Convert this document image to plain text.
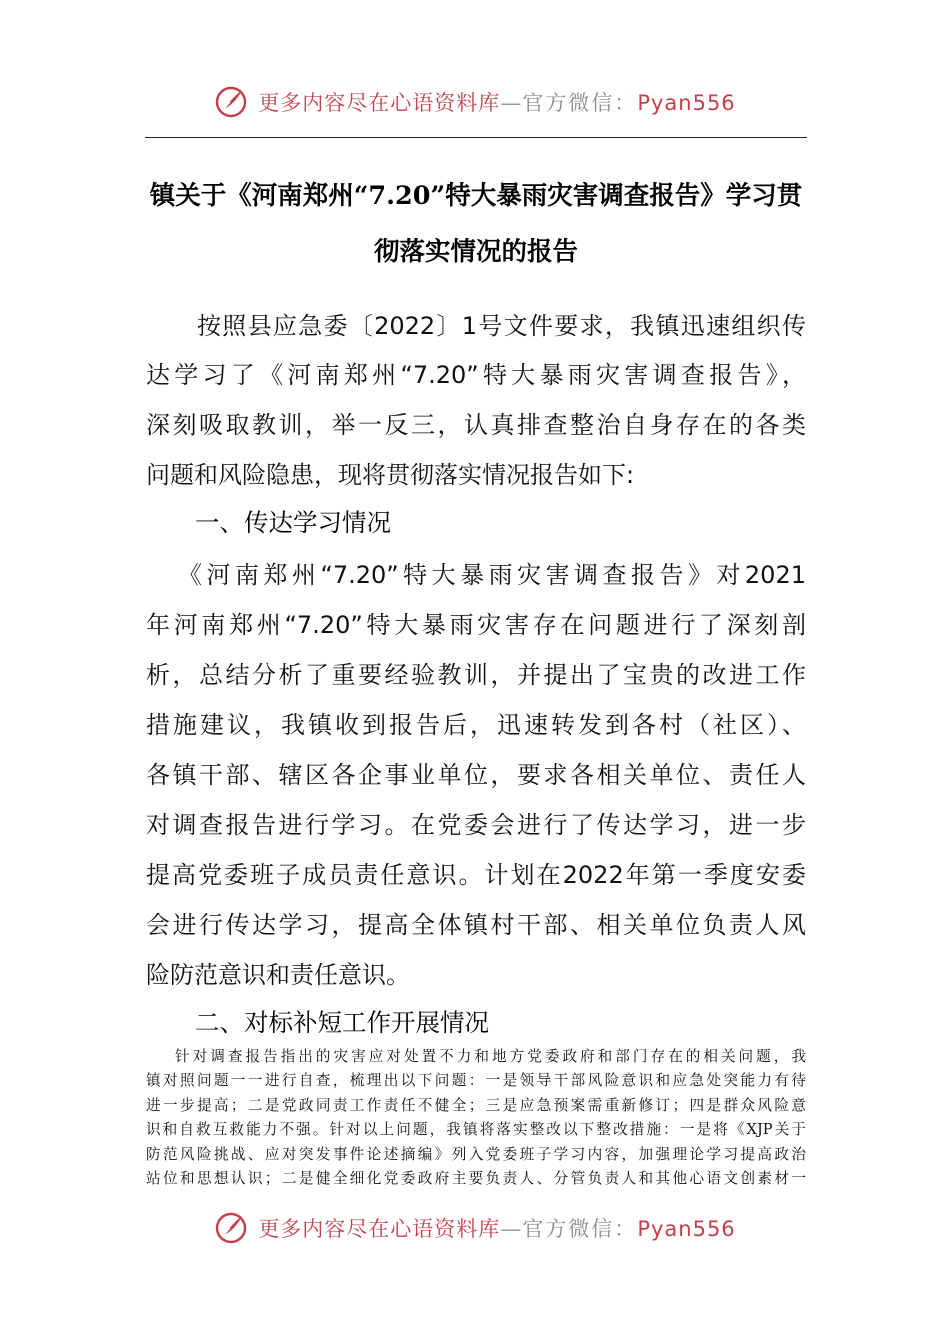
更多内容尽在心语资料库—官方微信：Pyan556
镇关于《河南郑州“7.20”特大暴雨灾害调查报告》学习贯
彻落实情况的报告
按照县应急委〔2022〕1号文件要求，我镇迅速组织传
达学习了《河南郑州“7.20”特大暴雨灾害调查报告》，
深刻吸取教训，举一反三，认真排查整治自身存在的各类
问题和风险隐患，现将贯彻落实情况报告如下:
一、传达学习情况
《河南郑州“7.20”特大暴雨灾害调查报告》对2021
年河南郑州“7.20”特大暴雨灾害存在问题进行了深刻剖
析，总结分析了重要经验教训，并提出了宝贵的改进工作
措施建议，我镇收到报告后，迅速转发到各村（社区）、
各镇干部、辖区各企事业单位，要求各相关单位、责任人
对调查报告进行学习。在党委会进行了传达学习，进一步
提高党委班子成员责任意识。计划在2022年第一季度安委
会进行传达学习，提高全体镇村干部、相关单位负责人风
险防范意识和责任意识。
二、对标补短工作开展情况
针对调查报告指出的灾害应对处置不力和地方党委政府和部门存在的相关问题，我
镇对照问题一一进行自查，梳理出以下问题：一是领导干部风险意识和应急处突能力有待
进一步提高；二是党政同责工作责任不健全；三是应急预案需重新修订；四是群众风险意
识和自救互救能力不强。针对以上问题，我镇将落实整改以下整改措施：一是将《XJP关于
防范风险挑战、应对突发事件论述摘编》列入党委班子学习内容，加强理论学习提高政治
站位和思想认识；二是健全细化党委政府主要负责人、分管负责人和其他心语文创素材一
更多内容尽在心语资料库—官方微信：Pyan556
